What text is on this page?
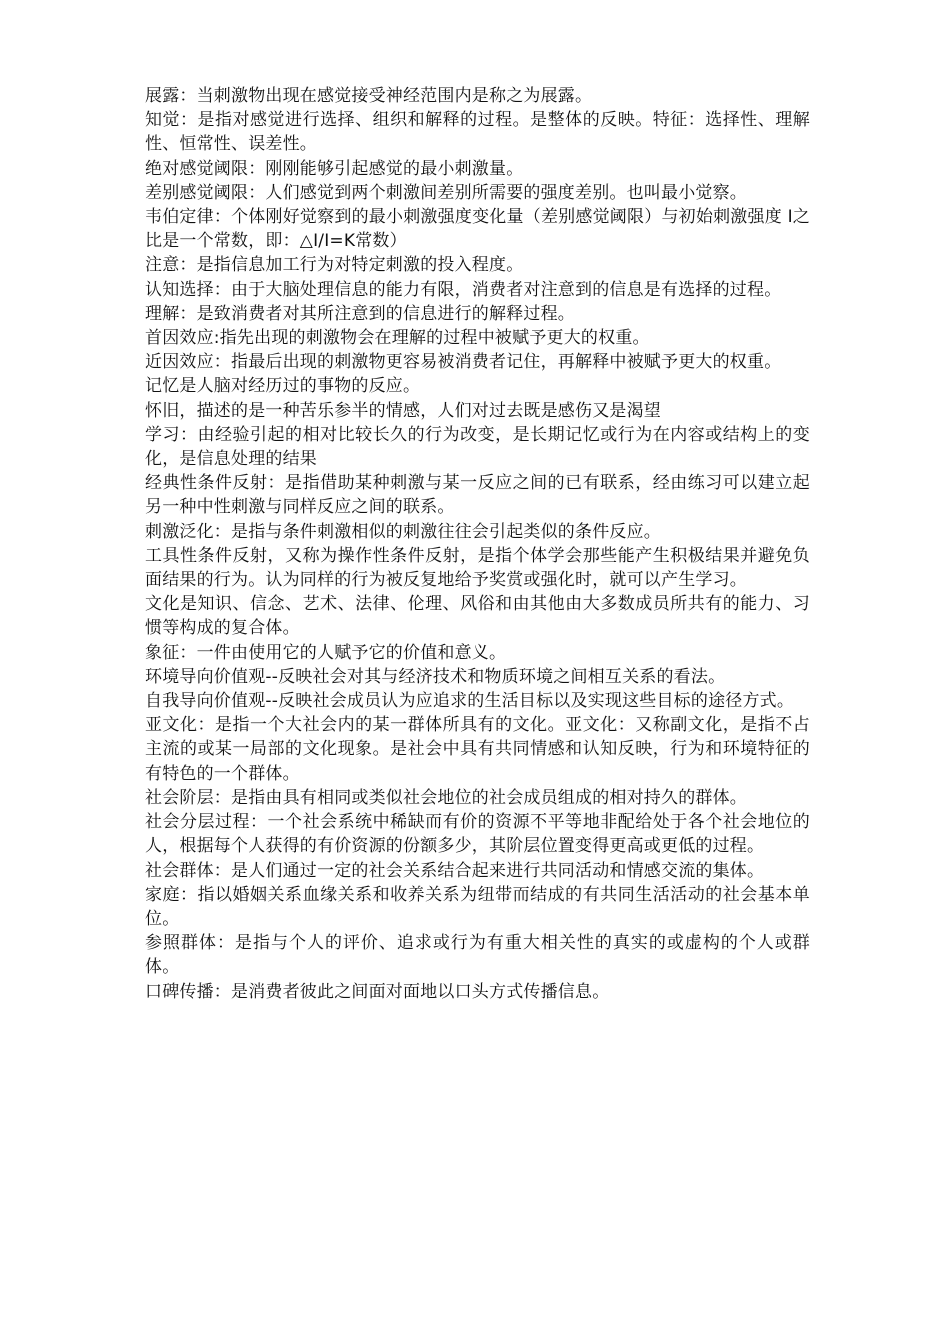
展露：当刺激物出现在感觉接受神经范围内是称之为展露。

知觉：是指对感觉进行选择、组织和解释的过程。是整体的反映。特征：选择性、理解性、恒常性、误差性。

绝对感觉阈限：刚刚能够引起感觉的最小刺激量。

差别感觉阈限：人们感觉到两个刺激间差别所需要的强度差别。也叫最小觉察。

韦伯定律：个体刚好觉察到的最小刺激强度变化量（差别感觉阈限）与初始刺激强度 I之比是一个常数，即：△I/I=K常数）

注意：是指信息加工行为对特定刺激的投入程度。

认知选择：由于大脑处理信息的能力有限，消费者对注意到的信息是有选择的过程。

理解：是致消费者对其所注意到的信息进行的解释过程。

首因效应:指先出现的刺激物会在理解的过程中被赋予更大的权重。

近因效应：指最后出现的刺激物更容易被消费者记住，再解释中被赋予更大的权重。

记忆是人脑对经历过的事物的反应。

怀旧，描述的是一种苦乐参半的情感，人们对过去既是感伤又是渴望

学习：由经验引起的相对比较长久的行为改变，是长期记忆或行为在内容或结构上的变化，是信息处理的结果

经典性条件反射：是指借助某种刺激与某一反应之间的已有联系，经由练习可以建立起另一种中性刺激与同样反应之间的联系。

刺激泛化：是指与条件刺激相似的刺激往往会引起类似的条件反应。

工具性条件反射，又称为操作性条件反射，是指个体学会那些能产生积极结果并避免负面结果的行为。认为同样的行为被反复地给予奖赏或强化时，就可以产生学习。

文化是知识、信念、艺术、法律、伦理、风俗和由其他由大多数成员所共有的能力、习惯等构成的复合体。

象征：一件由使用它的人赋予它的价值和意义。

环境导向价值观--反映社会对其与经济技术和物质环境之间相互关系的看法。

自我导向价值观--反映社会成员认为应追求的生活目标以及实现这些目标的途径方式。

亚文化：是指一个大社会内的某一群体所具有的文化。亚文化：又称副文化，是指不占主流的或某一局部的文化现象。是社会中具有共同情感和认知反映，行为和环境特征的有特色的一个群体。

社会阶层：是指由具有相同或类似社会地位的社会成员组成的相对持久的群体。

社会分层过程：一个社会系统中稀缺而有价的资源不平等地非配给处于各个社会地位的人，根据每个人获得的有价资源的份额多少，其阶层位置变得更高或更低的过程。

社会群体：是人们通过一定的社会关系结合起来进行共同活动和情感交流的集体。

家庭：指以婚姻关系血缘关系和收养关系为纽带而结成的有共同生活活动的社会基本单位。

参照群体：是指与个人的评价、追求或行为有重大相关性的真实的或虚构的个人或群体。

口碑传播：是消费者彼此之间面对面地以口头方式传播信息。
